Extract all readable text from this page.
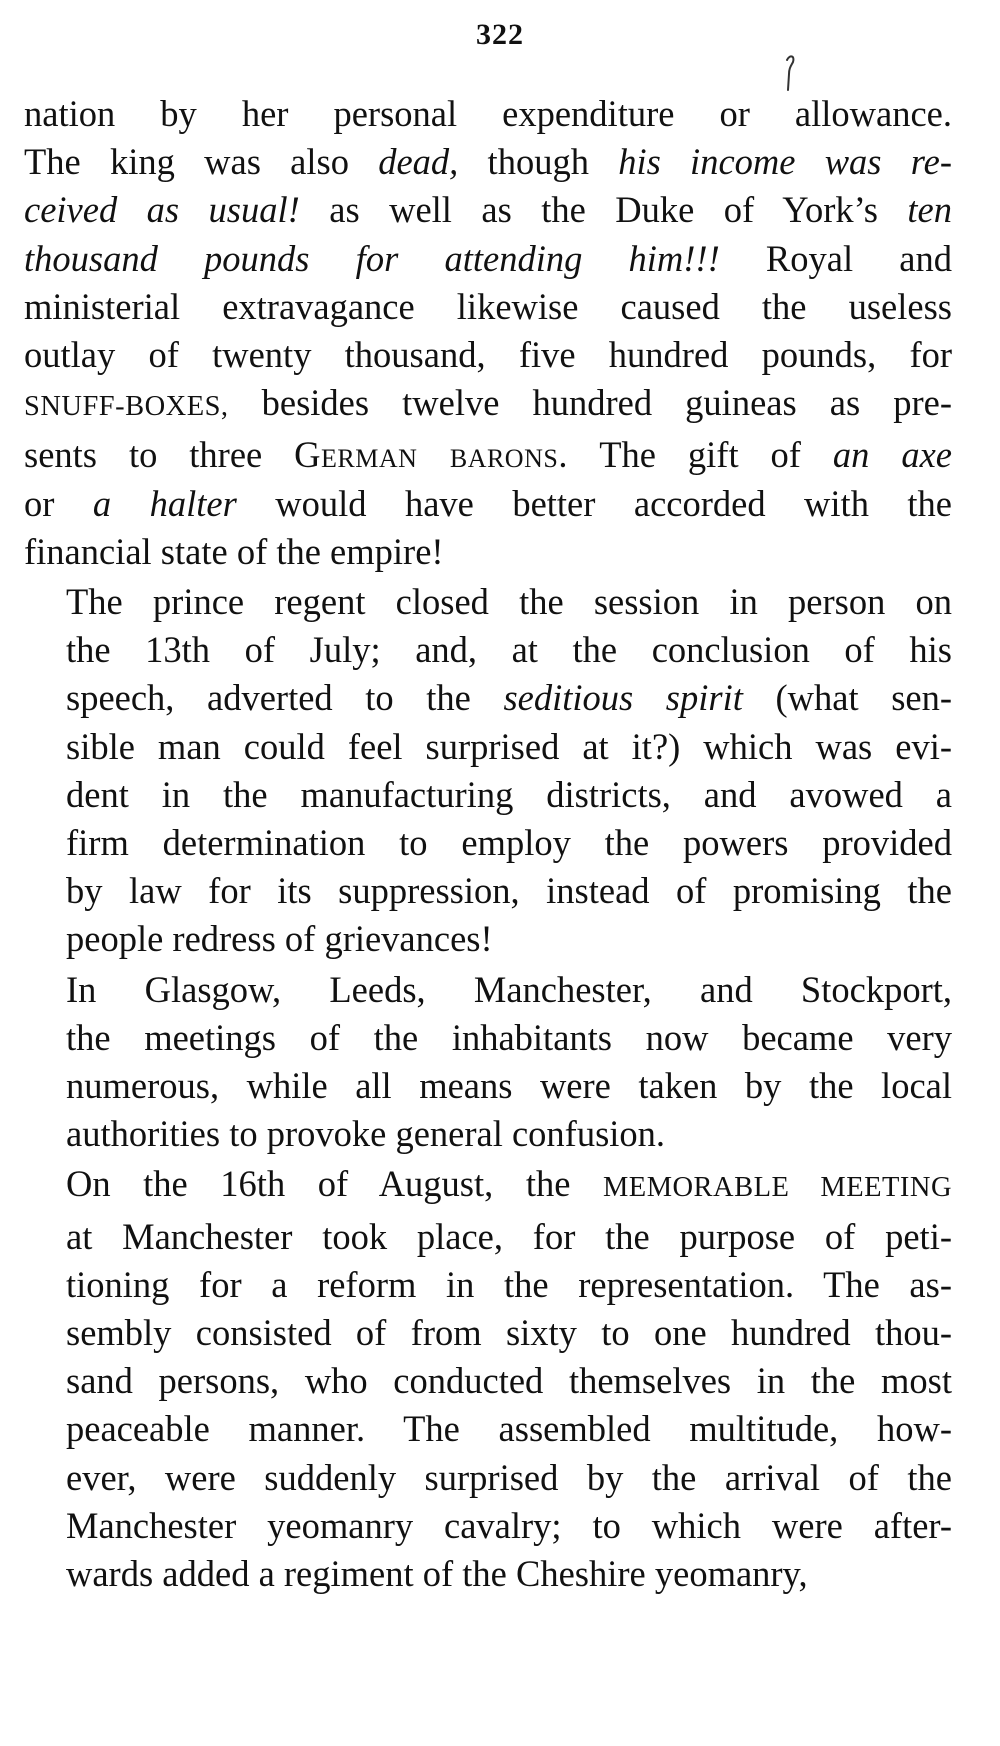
322

nation by her personal expenditure or allowance.
The king was also dead, though his income was re-
ceived as usual! as well as the Duke of York’s ten
thousand pounds for attending him!!! Royal and
ministerial extravagance likewise caused the useless
outlay of twenty thousand, five hundred pounds, for
SNUFF-BOXES, besides twelve hundred guineas as pre-
sents to three German barons. The gift of an axe
or a halter would have better accorded with the
financial state of the empire!

The prince regent closed the session in person on
the 13th of July; and, at the conclusion of his
speech, adverted to the seditious spirit (what sen-
sible man could feel surprised at it?) which was evi-
dent in the manufacturing districts, and avowed a
firm determination to employ the powers provided
by law for its suppression, instead of promising the
people redress of grievances!

In Glasgow, Leeds, Manchester, and Stockport,
the meetings of the inhabitants now became very
numerous, while all means were taken by the local
authorities to provoke general confusion.

On the 16th of August, the MEMORABLE MEETING
at Manchester took place, for the purpose of peti-
tioning for a reform in the representation. The as-
sembly consisted of from sixty to one hundred thou-
sand persons, who conducted themselves in the most
peaceable manner. The assembled multitude, how-
ever, were suddenly surprised by the arrival of the
Manchester yeomanry cavalry; to which were after-
wards added a regiment of the Cheshire yeomanry,
